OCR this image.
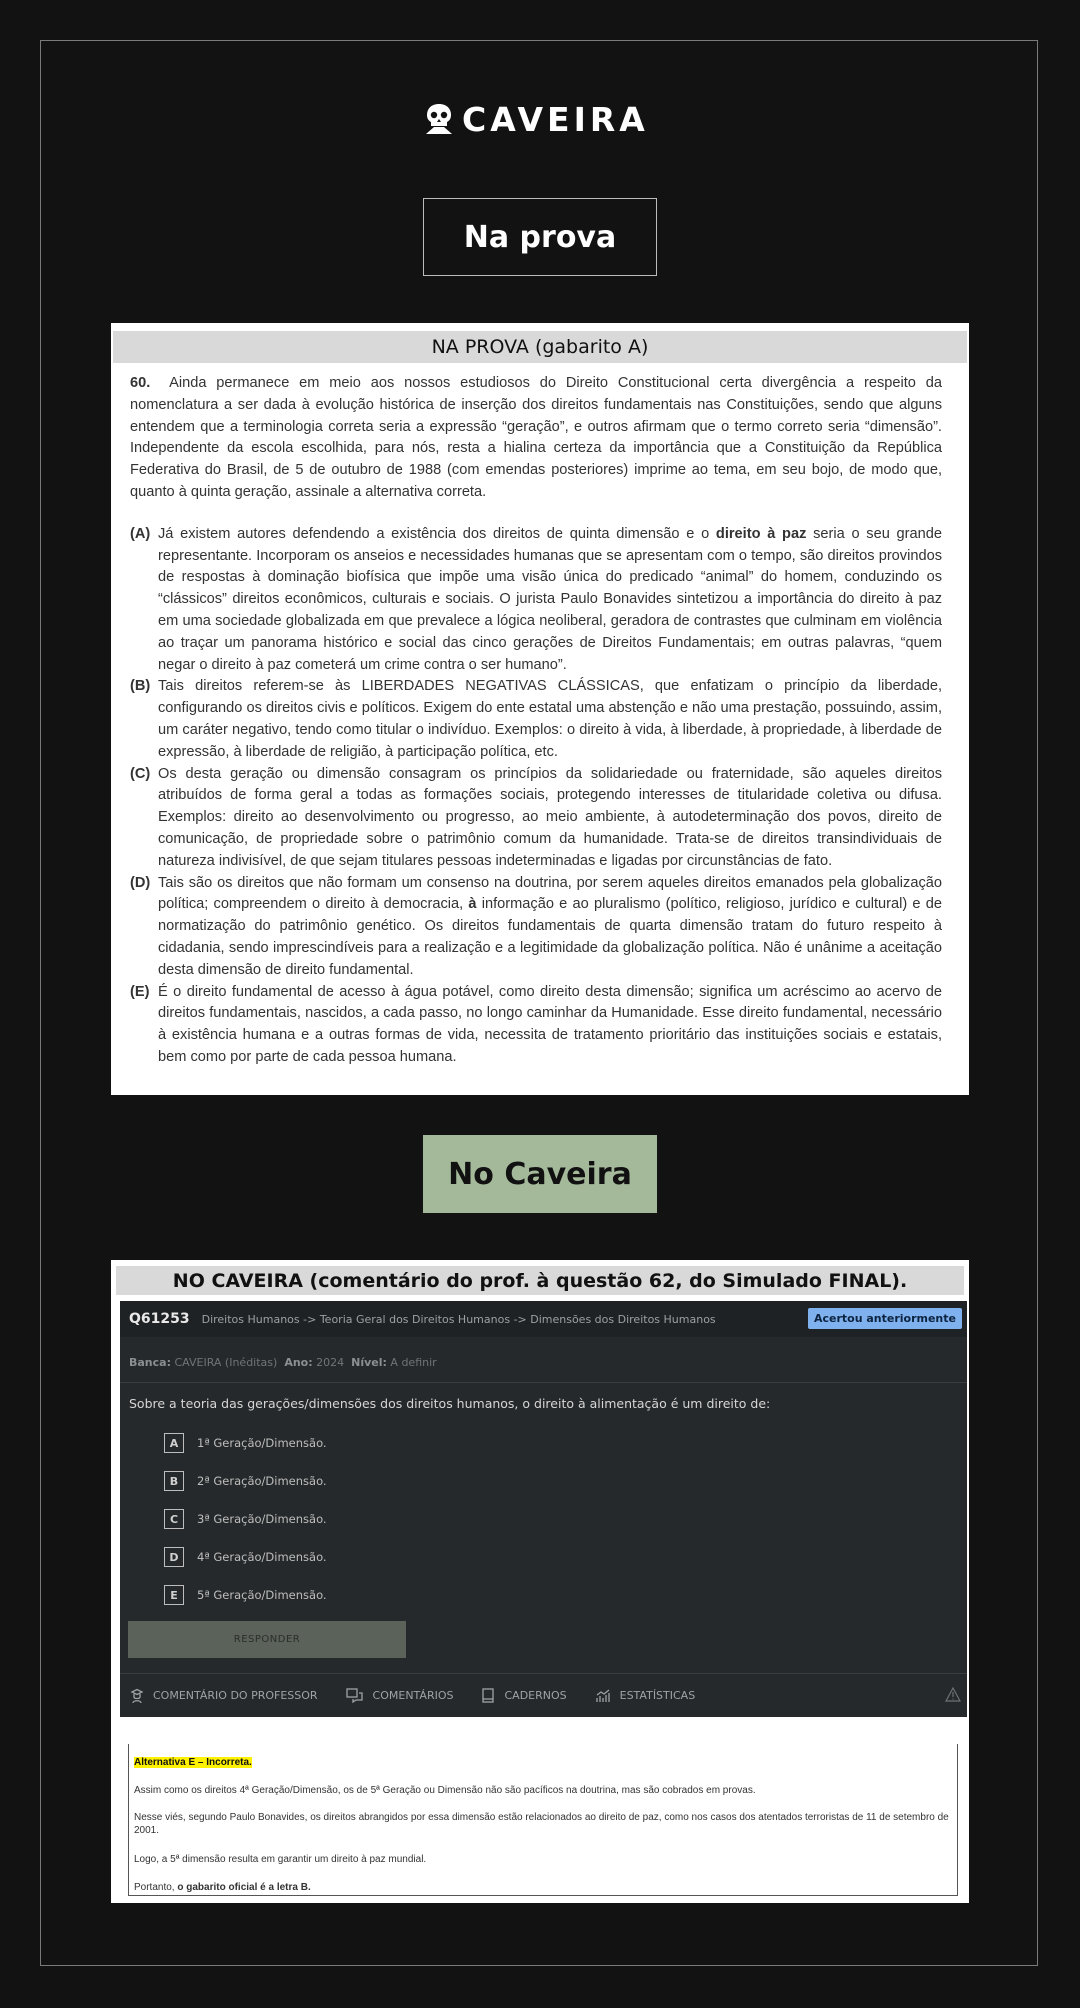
CAVEIRA
Na prova
NA PROVA (gabarito A)

60. Ainda permanece em meio aos nossos estudiosos do Direito Constitucional certa divergência a respeito da nomenclatura a ser dada à evolução histórica de inserção dos direitos fundamentais nas Constituições, sendo que alguns entendem que a terminologia correta seria a expressão “geração”, e outros afirmam que o termo correto seria “dimensão”. Independente da escola escolhida, para nós, resta a hialina certeza da importância que a Constituição da República Federativa do Brasil, de 5 de outubro de 1988 (com emendas posteriores) imprime ao tema, em seu bojo, de modo que, quanto à quinta geração, assinale a alternativa correta.

(A) Já existem autores defendendo a existência dos direitos de quinta dimensão e o direito à paz seria o seu grande representante. Incorporam os anseios e necessidades humanas que se apresentam com o tempo, são direitos provindos de respostas à dominação biofísica que impõe uma visão única do predicado “animal” do homem, conduzindo os “clássicos” direitos econômicos, culturais e sociais. O jurista Paulo Bonavides sintetizou a importância do direito à paz em uma sociedade globalizada em que prevalece a lógica neoliberal, geradora de contrastes que culminam em violência ao traçar um panorama histórico e social das cinco gerações de Direitos Fundamentais; em outras palavras, “quem negar o direito à paz cometerá um crime contra o ser humano”.
(B) Tais direitos referem-se às LIBERDADES NEGATIVAS CLÁSSICAS, que enfatizam o princípio da liberdade, configurando os direitos civis e políticos. Exigem do ente estatal uma abstenção e não uma prestação, possuindo, assim, um caráter negativo, tendo como titular o indivíduo. Exemplos: o direito à vida, à liberdade, à propriedade, à liberdade de expressão, à liberdade de religião, à participação política, etc.
(C) Os desta geração ou dimensão consagram os princípios da solidariedade ou fraternidade, são aqueles direitos atribuídos de forma geral a todas as formações sociais, protegendo interesses de titularidade coletiva ou difusa. Exemplos: direito ao desenvolvimento ou progresso, ao meio ambiente, à autodeterminação dos povos, direito de comunicação, de propriedade sobre o patrimônio comum da humanidade. Trata-se de direitos transindividuais de natureza indivisível, de que sejam titulares pessoas indeterminadas e ligadas por circunstâncias de fato.
(D) Tais são os direitos que não formam um consenso na doutrina, por serem aqueles direitos emanados pela globalização política; compreendem o direito à democracia, à informação e ao pluralismo (político, religioso, jurídico e cultural) e de normatização do patrimônio genético. Os direitos fundamentais de quarta dimensão tratam do futuro respeito à cidadania, sendo imprescindíveis para a realização e a legitimidade da globalização política. Não é unânime a aceitação desta dimensão de direito fundamental.
(E) É o direito fundamental de acesso à água potável, como direito desta dimensão; significa um acréscimo ao acervo de direitos fundamentais, nascidos, a cada passo, no longo caminhar da Humanidade. Esse direito fundamental, necessário à existência humana e a outras formas de vida, necessita de tratamento prioritário das instituições sociais e estatais, bem como por parte de cada pessoa humana.
No Caveira
NO CAVEIRA (comentário do prof. à questão 62, do Simulado FINAL).
Q61253 Direitos Humanos -> Teoria Geral dos Direitos Humanos -> Dimensões dos Direitos Humanos	Acertou anteriormente
Banca: CAVEIRA (Inéditas) Ano: 2024 Nível: A definir
Sobre a teoria das gerações/dimensões dos direitos humanos, o direito à alimentação é um direito de:
A	1ª Geração/Dimensão.
B	2ª Geração/Dimensão.
C	3ª Geração/Dimensão.
D	4ª Geração/Dimensão.
E	5ª Geração/Dimensão.
RESPONDER
COMENTÁRIO DO PROFESSOR	COMENTÁRIOS	CADERNOS	ESTATÍSTICAS

Alternativa E – Incorreta.

Assim como os direitos 4ª Geração/Dimensão, os de 5ª Geração ou Dimensão não são pacíficos na doutrina, mas são cobrados em provas.

Nesse viés, segundo Paulo Bonavides, os direitos abrangidos por essa dimensão estão relacionados ao direito de paz, como nos casos dos atentados terroristas de 11 de setembro de 2001.

Logo, a 5ª dimensão resulta em garantir um direito à paz mundial.

Portanto, o gabarito oficial é a letra B.
